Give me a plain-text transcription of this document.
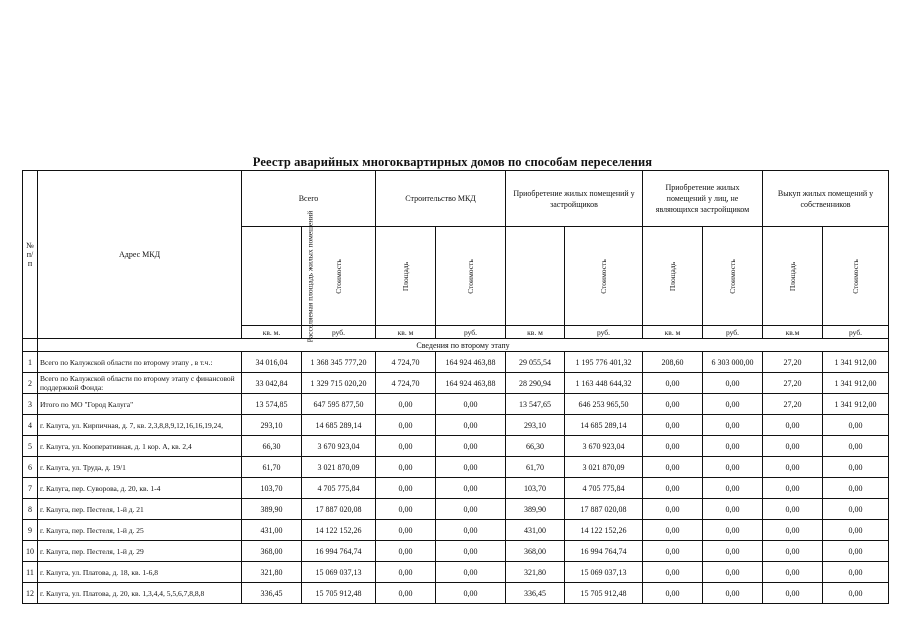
Реестр аварийных многоквартирных домов по способам переселения
№ п/п	Адрес МКД	Всего		Строительство МКД		Приобретение жилых помещений у застройщиков		Приобретение жилых помещений у лиц, не являющихся застройщиком		Выкуп жилых помещений у собственников	
		Расселяемая площадь жилых помещений	Стоимость	Площадь	Стоимость		Стоимость	Площадь	Стоимость	Площадь	Стоимость
		кв. м.	руб.	кв. м	руб.	кв. м	руб.	кв. м	руб.	кв.м	руб.
	Сведения по второму этапу										
1	Всего по Калужской области по второму этапу , в т.ч.:	34 016,04	1 368 345 777,20	4 724,70	164 924 463,88	29 055,54	1 195 776 401,32	208,60	6 303 000,00	27,20	1 341 912,00
2	Всего по Калужской области по второму этапу с финансовой поддержкой Фонда:	33 042,84	1 329 715 020,20	4 724,70	164 924 463,88	28 290,94	1 163 448 644,32	0,00	0,00	27,20	1 341 912,00
3	Итого по МО "Город Калуга"	13 574,85	647 595 877,50	0,00	0,00	13 547,65	646 253 965,50	0,00	0,00	27,20	1 341 912,00
4	г. Калуга, ул. Кирпичная, д. 7, кв. 2,3,8,8,9,12,16,16,19,24,	293,10	14 685 289,14	0,00	0,00	293,10	14 685 289,14	0,00	0,00	0,00	0,00
5	г. Калуга, ул. Кооперативная, д. 1 кор. А, кв. 2,4	66,30	3 670 923,04	0,00	0,00	66,30	3 670 923,04	0,00	0,00	0,00	0,00
6	г. Калуга, ул. Труда, д. 19/1	61,70	3 021 870,09	0,00	0,00	61,70	3 021 870,09	0,00	0,00	0,00	0,00
7	г. Калуга, пер. Суворова, д. 20, кв. 1-4	103,70	4 705 775,84	0,00	0,00	103,70	4 705 775,84	0,00	0,00	0,00	0,00
8	г. Калуга, пер. Пестеля, 1-й д. 21	389,90	17 887 020,08	0,00	0,00	389,90	17 887 020,08	0,00	0,00	0,00	0,00
9	г. Калуга, пер. Пестеля, 1-й д. 25	431,00	14 122 152,26	0,00	0,00	431,00	14 122 152,26	0,00	0,00	0,00	0,00
10	г. Калуга, пер. Пестеля, 1-й д. 29	368,00	16 994 764,74	0,00	0,00	368,00	16 994 764,74	0,00	0,00	0,00	0,00
11	г. Калуга, ул. Платова, д. 18, кв. 1-6,8	321,80	15 069 037,13	0,00	0,00	321,80	15 069 037,13	0,00	0,00	0,00	0,00
12	г. Калуга, ул. Платова, д. 20, кв. 1,3,4,4, 5,5,6,7,8,8,8	336,45	15 705 912,48	0,00	0,00	336,45	15 705 912,48	0,00	0,00	0,00	0,00
